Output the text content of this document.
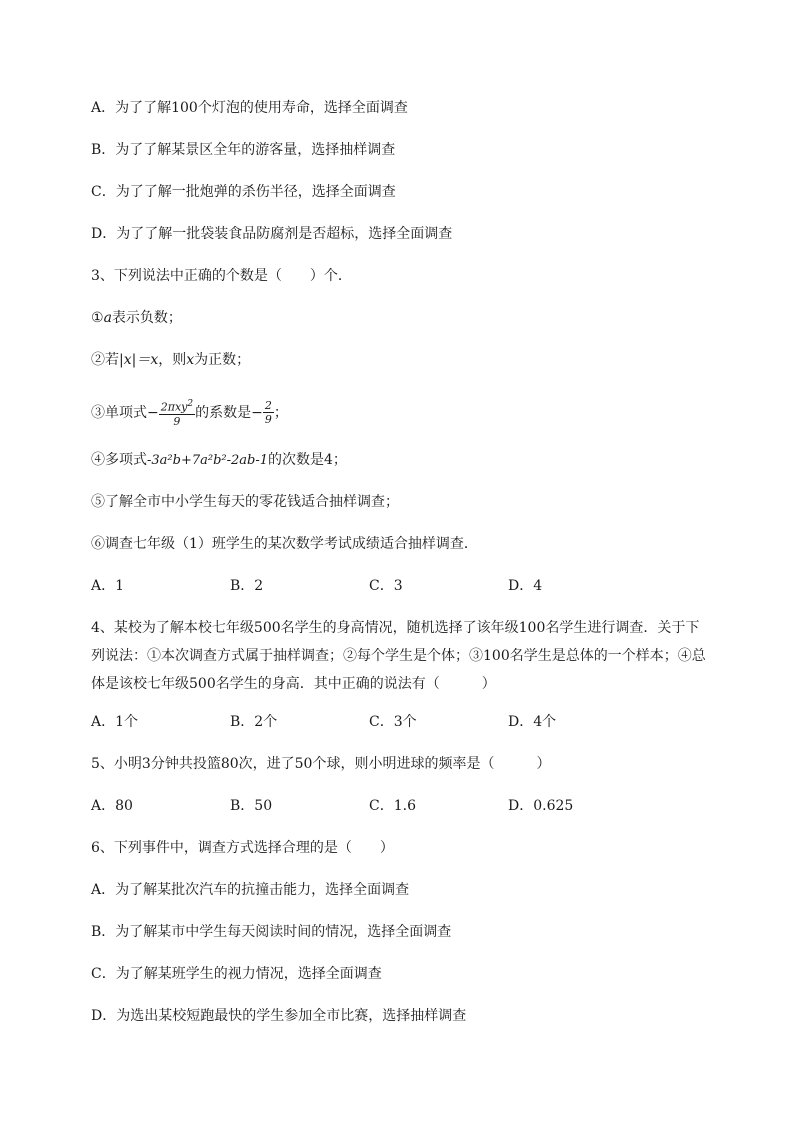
A．为了了解100个灯泡的使用寿命，选择全面调查
B．为了了解某景区全年的游客量，选择抽样调查
C．为了了解一批炮弹的杀伤半径，选择全面调查
D．为了了解一批袋装食品防腐剂是否超标，选择全面调查
3、下列说法中正确的个数是（　　）个．
①a表示负数；
②若|x|＝x，则x为正数；
③单项式− $\frac{2\pi xy^2}{9}$ 的系数是− $\frac{2}{9}$ ；
④多项式-3a²b+7a²b²-2ab-1的次数是4；
⑤了解全市中小学生每天的零花钱适合抽样调查；
⑥调查七年级（1）班学生的某次数学考试成绩适合抽样调查．
A．1	B．2	C．3	D．4
4、某校为了解本校七年级500名学生的身高情况，随机选择了该年级100名学生进行调查．关于下
列说法：①本次调查方式属于抽样调查；②每个学生是个体；③100名学生是总体的一个样本；④总
体是该校七年级500名学生的身高．其中正确的说法有（　　　）
A．1个	B．2个	C．3个	D．4个
5、小明3分钟共投篮80次，进了50个球，则小明进球的频率是（　　　）
A．80	B．50	C．1.6	D．0.625
6、下列事件中，调查方式选择合理的是（　　）
A．为了解某批次汽车的抗撞击能力，选择全面调查
B．为了解某市中学生每天阅读时间的情况，选择全面调查
C．为了解某班学生的视力情况，选择全面调查
D．为选出某校短跑最快的学生参加全市比赛，选择抽样调查
